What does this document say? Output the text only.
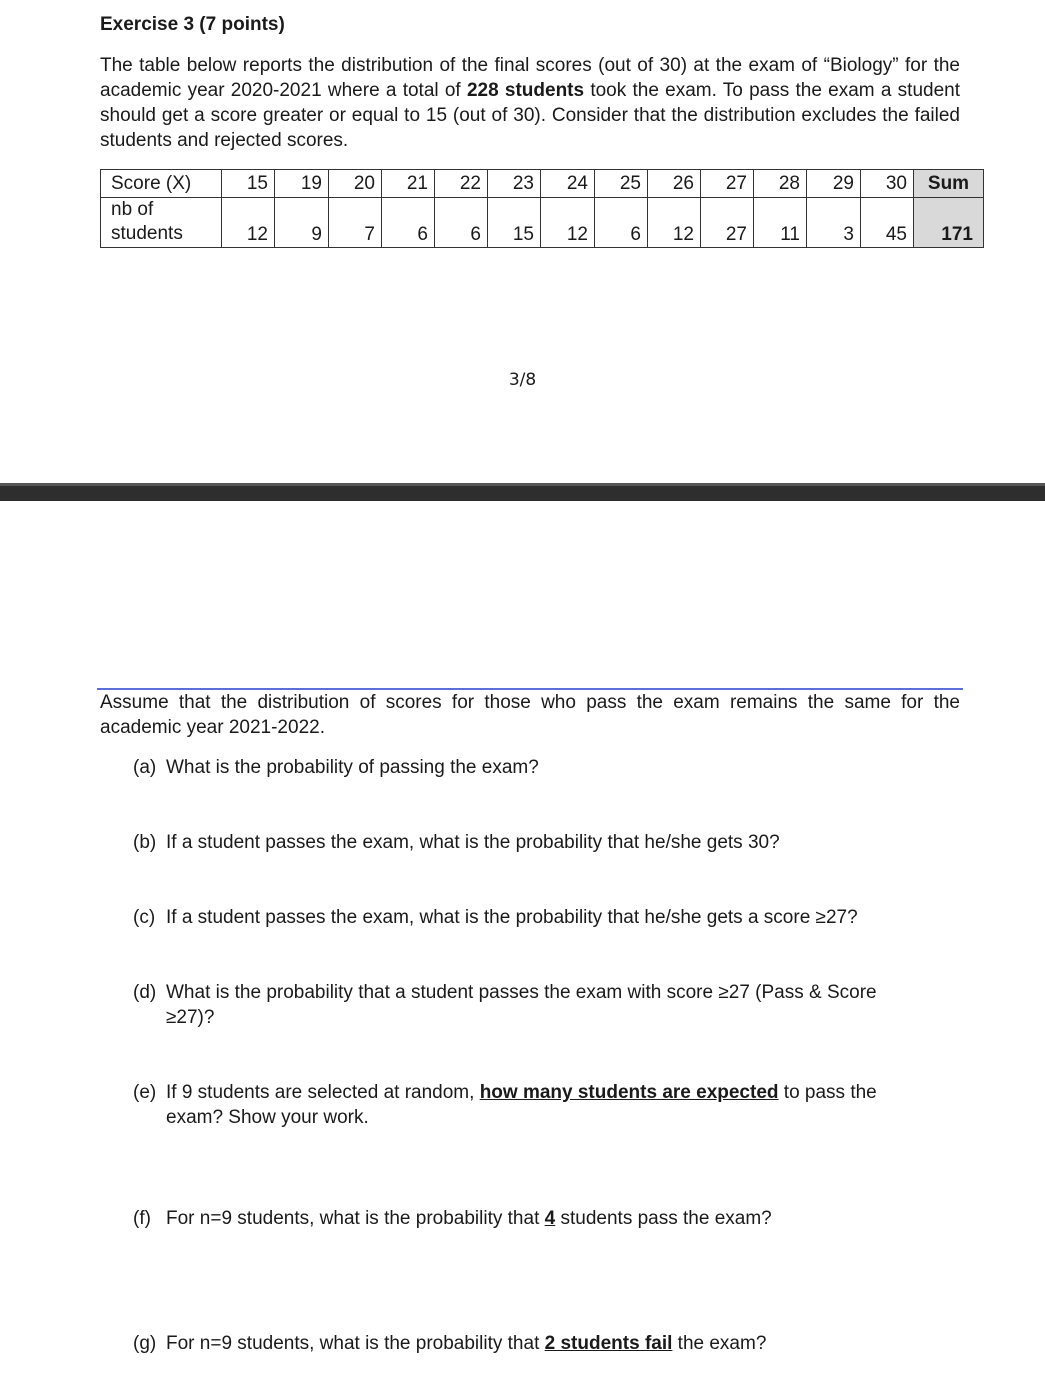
Exercise 3 (7 points)
The table below reports the distribution of the final scores (out of 30) at the exam of “Biology” for the academic year 2020-2021 where a total of 228 students took the exam. To pass the exam a student should get a score greater or equal to 15 (out of 30). Consider that the distribution excludes the failed students and rejected scores.
Score (X)	15	19	20	21	22	23	24	25	26	27	28	29	30	Sum
nb of
students	12	9	7	6	6	15	12	6	12	27	11	3	45	171
3/8
Assume that the distribution of scores for those who pass the exam remains the same for the academic year 2021-2022.
(a) What is the probability of passing the exam?
(b) If a student passes the exam, what is the probability that he/she gets 30?
(c) If a student passes the exam, what is the probability that he/she gets a score ≥27?
(d) What is the probability that a student passes the exam with score ≥27 (Pass & Score ≥27)?
(e) If 9 students are selected at random, how many students are expected to pass the exam? Show your work.
(f) For n=9 students, what is the probability that 4 students pass the exam?
(g) For n=9 students, what is the probability that 2 students fail the exam?
